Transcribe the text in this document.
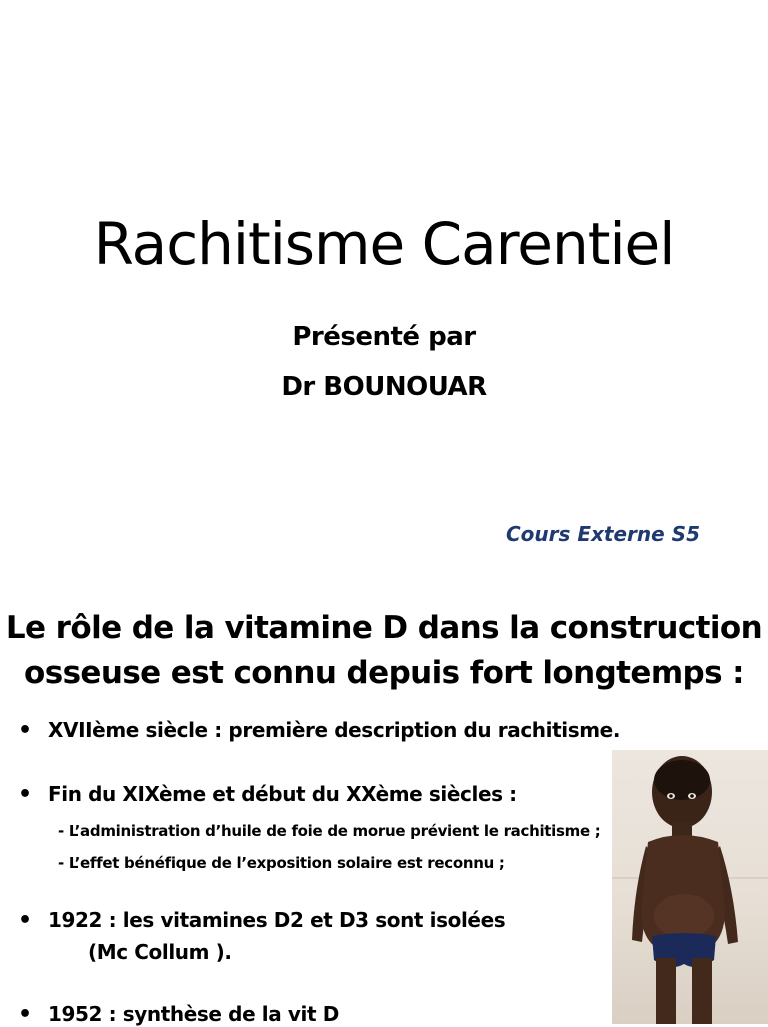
Rachitisme Carentiel
Présenté par
Dr BOUNOUAR
Cours Externe S5
Le rôle de la vitamine D dans la construction
osseuse est connu depuis fort longtemps :
• XVIIème siècle : première description du rachitisme.
• Fin du XIXème et début du XXème siècles :
- L’administration d’huile de foie de morue prévient le rachitisme ;
- L’effet bénéfique de l’exposition solaire est reconnu ;
• 1922 : les vitamines D2 et D3 sont isolées
(Mc Collum ).
• 1952 : synthèse de la vit D
